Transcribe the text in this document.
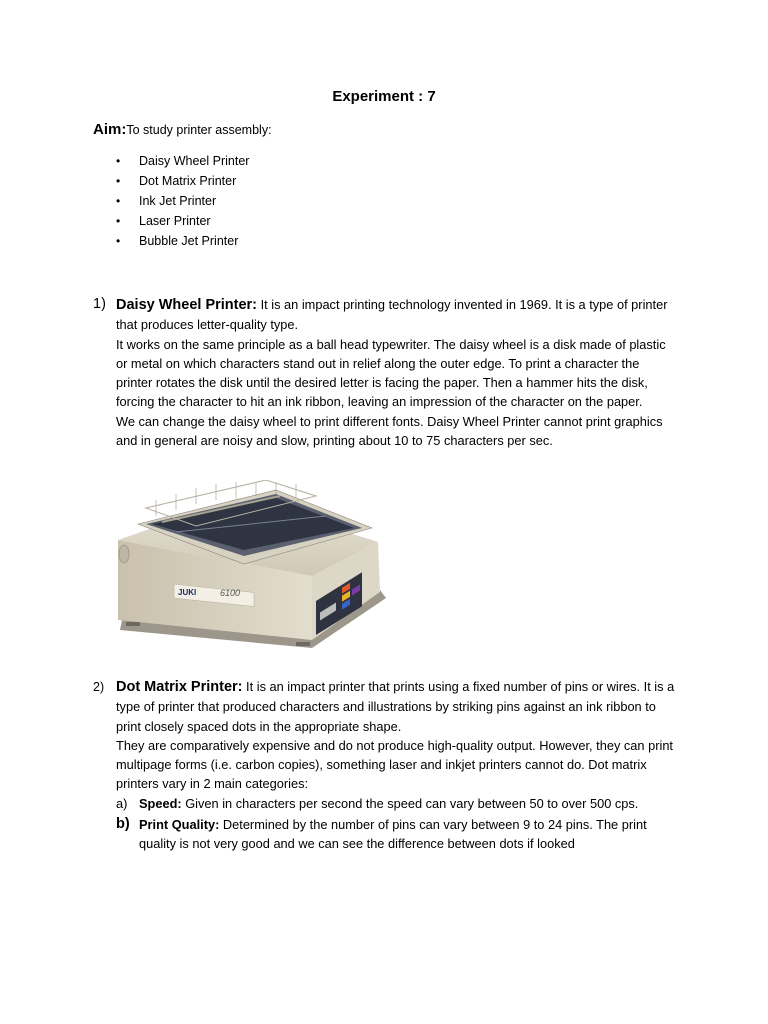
Experiment : 7
Aim:To study printer assembly:
• Daisy Wheel Printer
• Dot Matrix Printer
• Ink Jet Printer
• Laser Printer
• Bubble Jet Printer
1) Daisy Wheel Printer: It is an impact printing technology invented in 1969. It is a type of printer that produces letter-quality type.

It works on the same principle as a ball head typewriter. The daisy wheel is a disk made of plastic or metal on which characters stand out in relief along the outer edge. To print a character the printer rotates the disk until the desired letter is facing the paper. Then a hammer hits the disk, forcing the character to hit an ink ribbon, leaving an impression of the character on the paper.

We can change the daisy wheel to print different fonts. Daisy Wheel Printer cannot print graphics and in general are noisy and slow, printing about 10 to 75 characters per sec.

JUKI	6100
2) Dot Matrix Printer: It is an impact printer that prints using a fixed number of pins or wires. It is a type of printer that produced characters and illustrations by striking pins against an ink ribbon to print closely spaced dots in the appropriate shape.

They are comparatively expensive and do not produce high-quality output. However, they can print multipage forms (i.e. carbon copies), something laser and inkjet printers cannot do. Dot matrix printers vary in 2 main categories:

a) Speed: Given in characters per second the speed can vary between 50 to over 500 cps.
b) Print Quality: Determined by the number of pins can vary between 9 to 24 pins. The print quality is not very good and we can see the difference between dots if looked
